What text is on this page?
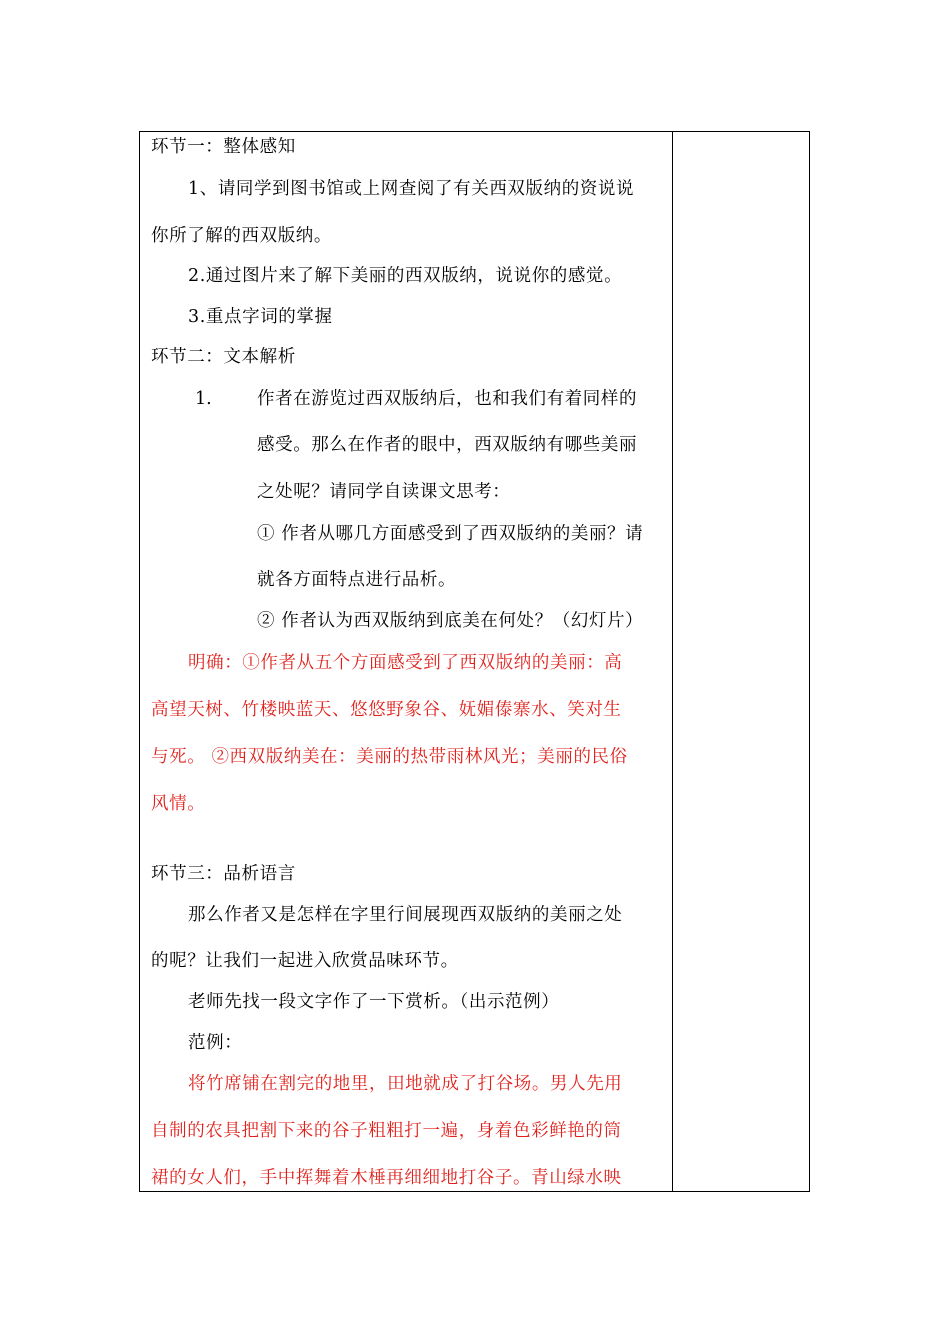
环节一：整体感知
1、请同学到图书馆或上网查阅了有关西双版纳的资说说
你所了解的西双版纳。
2.通过图片来了解下美丽的西双版纳，说说你的感觉。
3.重点字词的掌握
环节二：文本解析
1.	作者在游览过西双版纳后，也和我们有着同样的
感受。那么在作者的眼中，西双版纳有哪些美丽
之处呢？请同学自读课文思考：
① 作者从哪几方面感受到了西双版纳的美丽？请
就各方面特点进行品析。
② 作者认为西双版纳到底美在何处？（幻灯片）
明确：①作者从五个方面感受到了西双版纳的美丽：高
高望天树、竹楼映蓝天、悠悠野象谷、妩媚傣寨水、笑对生
与死。 ②西双版纳美在：美丽的热带雨林风光；美丽的民俗
风情。
环节三：品析语言
那么作者又是怎样在字里行间展现西双版纳的美丽之处
的呢？让我们一起进入欣赏品味环节。
老师先找一段文字作了一下赏析。（出示范例）
范例：
将竹席铺在割完的地里，田地就成了打谷场。男人先用
自制的农具把割下来的谷子粗粗打一遍，身着色彩鲜艳的筒
裙的女人们，手中挥舞着木棰再细细地打谷子。青山绿水映
